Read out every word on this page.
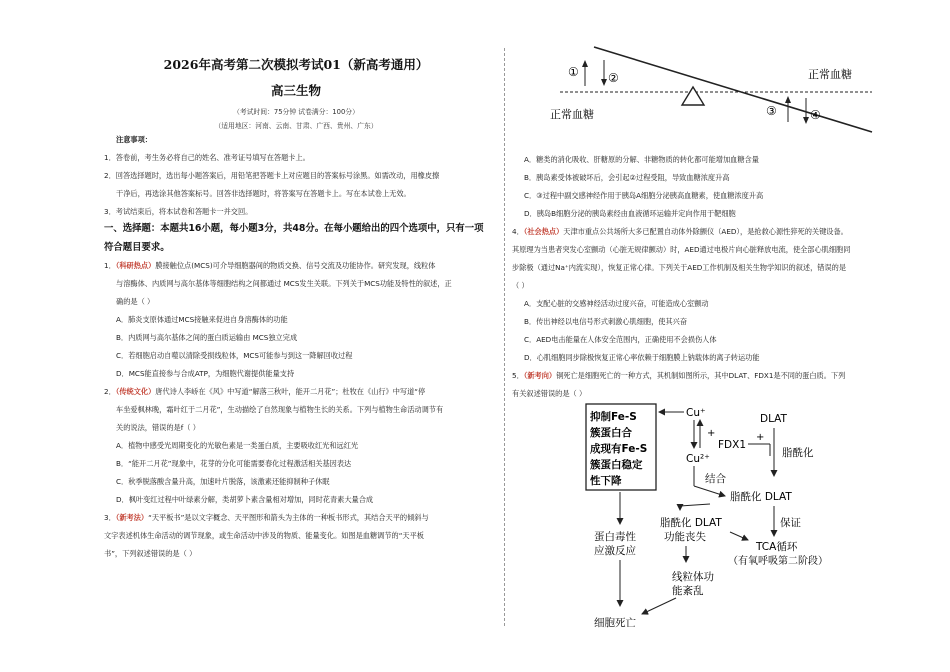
2026年高考第二次模拟考试01（新高考通用）
高三生物
（考试时间：75分钟 试卷满分：100分）
（适用地区：河南、云南、甘肃、广西、贵州、广东）
注意事项：
1．答卷前，考生务必将自己的姓名、准考证号填写在答题卡上。
2．回答选择题时，选出每小题答案后，用铅笔把答题卡上对应题目的答案标号涂黑。如需改动，用橡皮擦
干净后，再选涂其他答案标号。回答非选择题时，将答案写在答题卡上。写在本试卷上无效。
3．考试结束后，将本试卷和答题卡一并交回。
一、选择题：本题共16小题，每小题3分，共48分。在每小题给出的四个选项中，只有一项
符合题目要求。
1．（科研热点）膜接触位点(MCS)可介导细胞器间的物质交换、信号交流及功能协作。研究发现，线粒体
与溶酶体、内质网与高尔基体等细胞结构之间都通过 MCS发生关联。下列关于MCS功能及特性的叙述，正
确的是（ ）
A．肺炎支原体通过MCS接触来促进自身溶酶体的功能
B．内质网与高尔基体之间的蛋白质运输由 MCS独立完成
C．若细胞启动自噬以清除受损线粒体，MCS可能参与到这一降解回收过程
D．MCS能直接参与合成ATP，为细胞代谢提供能量支持
2．（传统文化）唐代诗人李峤在《风》中写道“解落三秋叶，能开二月花”；杜牧在《山行》中写道“停
车坐爱枫林晚，霜叶红于二月花”，生动描绘了自然现象与植物生长的关系。下列与植物生命活动调节有
关的说法，错误的是f（ ）
A．植物中感受光周期变化的光敏色素是一类蛋白质，主要吸收红光和远红光
B．“能开二月花”现象中，花芽的分化可能需要春化过程激活相关基因表达
C．秋季脱落酸含量升高，加速叶片脱落，该激素还能抑制种子休眠
D．枫叶变红过程中叶绿素分解，类胡萝卜素含量相对增加，同时花青素大量合成
3．（新考法）“天平板书”是以文字概念、天平图形和箭头为主体的一种板书形式，其结合天平的倾斜与
文字表述机体生命活动的调节现象，或生命活动中涉及的物质、能量变化。如图是血糖调节的“天平板
书”，下列叙述错误的是（ ）
① ②
③	④
正常血糖
正常血糖
A．糖类的消化吸收、肝糖原的分解、非糖物质的转化都可能增加血糖含量
B．胰岛素受体被破坏后，会引起②过程受阻，导致血糖浓度升高
C．③过程中副交感神经作用于胰岛A细胞分泌胰高血糖素，使血糖浓度升高
D．胰岛B细胞分泌的胰岛素经由血液循环运输并定向作用于靶细胞
4．（社会热点）天津市重点公共场所大多已配置自动体外除颤仪（AED），是抢救心源性猝死的关键设备。
其原理为当患者突发心室颤动（心脏无规律颤动）时，AED通过电极片向心脏释放电流，使全部心肌细胞同
步除极（通过Na⁺内流实现），恢复正常心律。下列关于AED工作机制及相关生物学知识的叙述，错误的是
（ ）
A．支配心脏的交感神经活动过度兴奋，可能造成心室颤动
B．传出神经以电信号形式刺激心肌细胞，使其兴奋
C．AED电击能量在人体安全范围内，正确使用不会损伤人体
D．心肌细胞同步除极恢复正常心率依赖于细胞膜上钠载体的离子转运功能
5．（新考向）铜死亡是细胞死亡的一种方式，其机制如图所示，其中DLAT、FDX1是不同的蛋白质。下列
有关叙述错误的是（ ）
抑制Fe-S
簇蛋白合
成现有Fe-S
簇蛋白稳定
性下降
Cu⁺
Cu²⁺
+
FDX1
+
DLAT
脂酰化
结合
脂酰化 DLAT
保证
TCA循环
（有氧呼吸第二阶段）
脂酰化 DLAT
功能丧失
蛋白毒性
应激反应
线粒体功
能紊乱
细胞死亡
